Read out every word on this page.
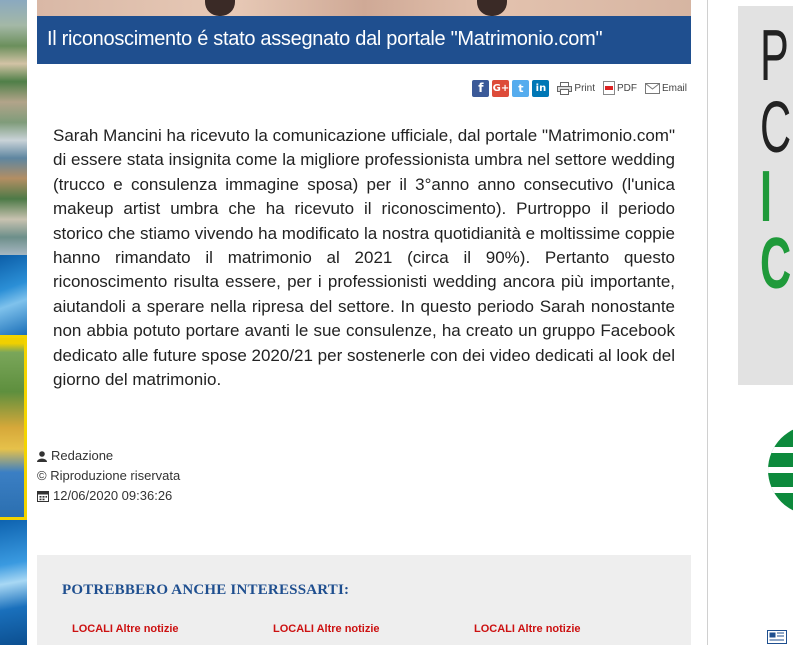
Il riconoscimento é stato assegnato dal portale "Matrimonio.com"
f G+ t	in	Print PDF	Email

Sarah Mancini ha ricevuto la comunicazione ufficiale, dal portale "Matrimonio.com" di essere stata insignita come la migliore professionista umbra nel settore wedding (trucco e consulenza immagine sposa) per il 3°anno anno consecutivo (l'unica makeup artist umbra che ha ricevuto il riconoscimento). Purtroppo il periodo storico che stiamo vivendo ha modificato la nostra quotidianità e moltissime coppie hanno rimandato il matrimonio al 2021 (circa il 90%). Pertanto questo riconoscimento risulta essere, per i professionisti wedding ancora più importante, aiutandoli a sperare nella ripresa del settore. In questo periodo Sarah nonostante non abbia potuto portare avanti le sue consulenze, ha creato un gruppo Facebook dedicato alle future spose 2020/21 per sostenerle con dei video dedicati al look del giorno del matrimonio.

Redazione
© Riproduzione riservata
12/06/2020 09:36:26
POTREBBERO ANCHE INTERESSARTI:
LOCALI Altre notizie	LOCALI Altre notizie	LOCALI Altre notizie
P
C
I
C
